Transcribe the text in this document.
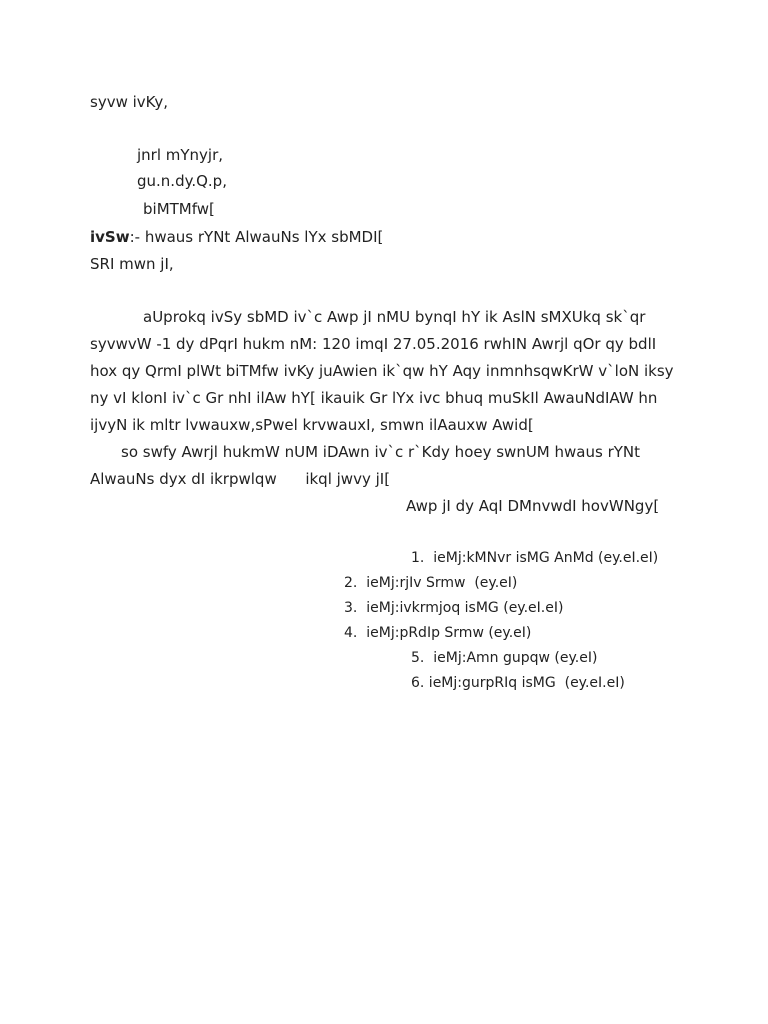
syvw ivKy,
jnrl mYnyjr,
gu.n.dy.Q.p,
biMTMfw[
ivSw:- hwaus rYNt AlwauNs lYx sbMDI[
SRI mwn jI,
aUprokq ivSy sbMD iv`c Awp jI nMU bynqI hY ik AslN sMXUkq sk`qr
syvwvW -1 dy dPqrI hukm nM: 120 imqI 27.05.2016 rwhIN Awrjl qOr qy bdlI
hox qy QrmI plWt biTMfw ivKy juAwien ik`qw hY Aqy inmnhsqwKrW v`loN iksy
ny vI klonI iv`c Gr nhI ilAw hY[ ikauik Gr lYx ivc bhuq muSkIl AwauNdIAW hn
ijvyN ik mltr lvwauxw,sPwel krvwauxI, smwn ilAauxw Awid[
so swfy Awrjl hukmW nUM iDAwn iv`c r`Kdy hoey swnUM hwaus rYNt
AlwauNs dyx dI ikrpwlqw      ikql jwvy jI[
Awp jI dy AqI DMnvwdI hovWNgy[
1.  ieMj:kMNvr isMG AnMd (ey.eI.eI)
2.  ieMj:rjIv Srmw  (ey.eI)
3.  ieMj:ivkrmjoq isMG (ey.eI.eI)
4.  ieMj:pRdIp Srmw (ey.eI)
5.  ieMj:Amn gupqw (ey.eI)
6. ieMj:gurpRIq isMG  (ey.eI.eI)
